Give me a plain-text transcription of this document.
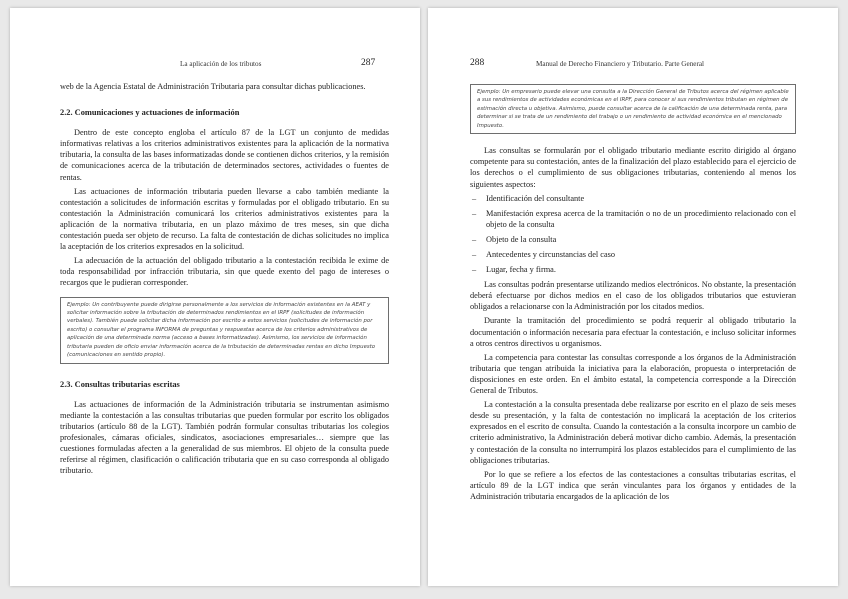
La aplicación de los tributos	287

web de la Agencia Estatal de Administración Tributaria para consultar dichas publicaciones.

2.2. Comunicaciones y actuaciones de información

Dentro de este concepto engloba el artículo 87 de la LGT un conjunto de medidas informativas relativas a los criterios administrativos existentes para la aplicación de la normativa tributaria, la consulta de las bases informatizadas donde se contienen dichos criterios, y la remisión de comunicaciones acerca de la tributación de determinados sectores, actividades o fuentes de rentas.

Las actuaciones de información tributaria pueden llevarse a cabo también mediante la contestación a solicitudes de información escritas y formuladas por el obligado tributario. En su contestación la Administración comunicará los criterios administrativos existentes para la aplicación de la normativa tributaria, en un plazo máximo de tres meses, sin que dicha contestación pueda ser objeto de recurso. La falta de contestación de dichas solicitudes no implica la aceptación de los criterios expresados en la solicitud.

La adecuación de la actuación del obligado tributario a la contestación recibida le exime de toda responsabilidad por infracción tributaria, sin que quede exento del pago de intereses o recargos que le pudieran corresponder.

Ejemplo: Un contribuyente puede dirigirse personalmente a los servicios de información existentes en la AEAT y solicitar información sobre la tributación de determinados rendimientos en el IRPF (solicitudes de información verbales). También puede solicitar dicha información por escrito a estos servicios (solicitudes de información por escrito) o consultar el programa INFORMA de preguntas y respuestas acerca de los criterios administrativos de aplicación de una determinada norma (acceso a bases informatizadas). Asimismo, los servicios de información tributaria pueden de oficio enviar información acerca de la tributación de determinadas rentas en dicho Impuesto (comunicaciones en sentido propio).
2.3. Consultas tributarias escritas

Las actuaciones de información de la Administración tributaria se instrumentan asimismo mediante la contestación a las consultas tributarias que pueden formular por escrito los obligados tributarios (artículo 88 de la LGT). También podrán formular consultas tributarias los colegios profesionales, cámaras oficiales, sindicatos, asociaciones empresariales… siempre que las cuestiones formuladas afecten a la generalidad de sus miembros. El objeto de la consulta puede referirse al régimen, clasificación o calificación tributaria que en su caso corresponda al obligado tributario.

288	Manual de Derecho Financiero y Tributario. Parte General
Ejemplo: Un empresario puede elevar una consulta a la Dirección General de Tributos acerca del régimen aplicable a sus rendimientos de actividades económicas en el IRPF, para conocer si sus rendimientos tributan en régimen de estimación directa u objetiva. Asimismo, puede consultar acerca de la calificación de una determinada renta, para determinar si se trata de un rendimiento del trabajo o un rendimiento de actividad económica en el mencionado Impuesto.

Las consultas se formularán por el obligado tributario mediante escrito dirigido al órgano competente para su contestación, antes de la finalización del plazo establecido para el ejercicio de los derechos o el cumplimiento de sus obligaciones tributarias, conteniendo al menos los siguientes aspectos:

– Identificación del consultante
– Manifestación expresa acerca de la tramitación o no de un procedimiento relacionado con el objeto de la consulta
– Objeto de la consulta
– Antecedentes y circunstancias del caso
– Lugar, fecha y firma.

Las consultas podrán presentarse utilizando medios electrónicos. No obstante, la presentación deberá efectuarse por dichos medios en el caso de los obligados tributarios que estuvieran obligados a relacionarse con la Administración por los citados medios.

Durante la tramitación del procedimiento se podrá requerir al obligado tributario la documentación o información necesaria para efectuar la contestación, e incluso solicitar informes a otros centros directivos u organismos.

La competencia para contestar las consultas corresponde a los órganos de la Administración tributaria que tengan atribuida la iniciativa para la elaboración, propuesta o interpretación de disposiciones en este orden. En el ámbito estatal, la competencia corresponde a la Dirección General de Tributos.

La contestación a la consulta presentada debe realizarse por escrito en el plazo de seis meses desde su presentación, y la falta de contestación no implicará la aceptación de los criterios expresados en el escrito de consulta. Cuando la contestación a la consulta incorpore un cambio de criterio administrativo, la Administración deberá motivar dicho cambio. Además, la presentación y contestación de la consulta no interrumpirá los plazos establecidos para el cumplimiento de las obligaciones tributarias.

Por lo que se refiere a los efectos de las contestaciones a consultas tributarias escritas, el artículo 89 de la LGT indica que serán vinculantes para los órganos y entidades de la Administración tributaria encargados de la aplicación de los
